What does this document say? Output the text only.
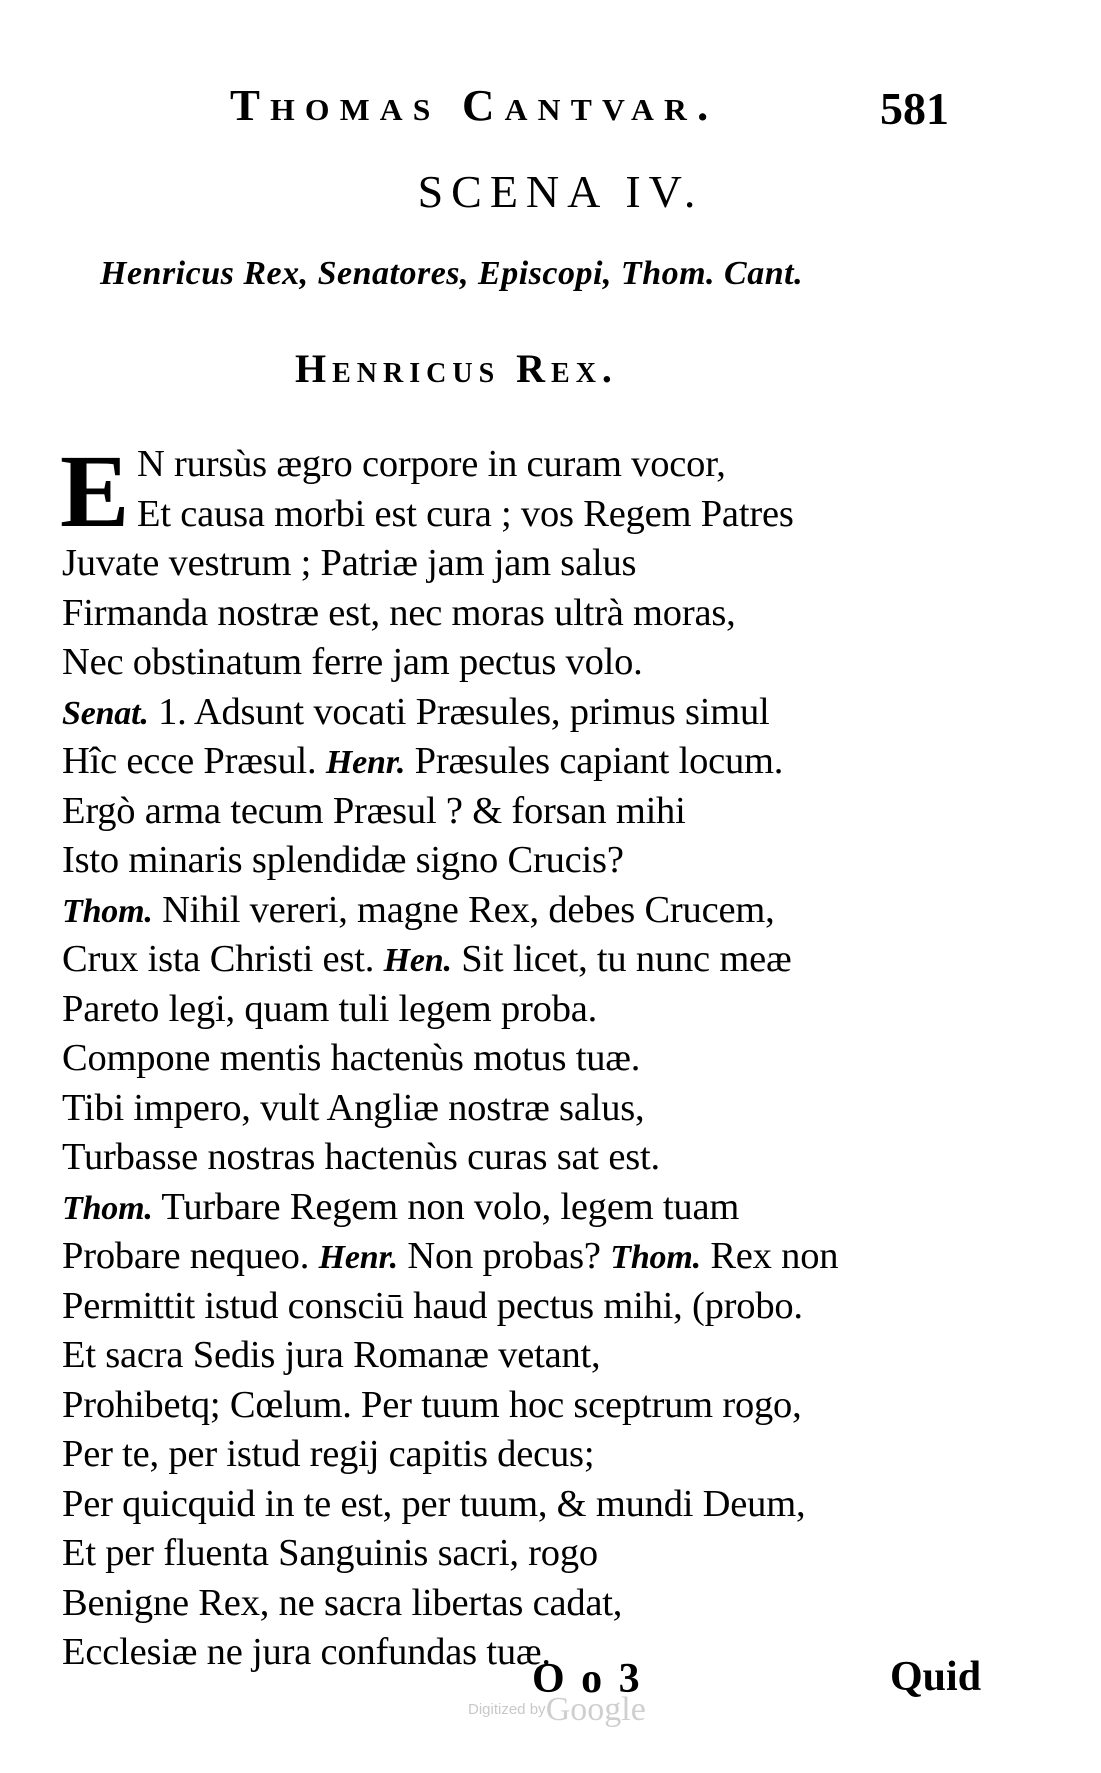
Thomas Cantvar.	581
SCENA IV.
Henricus Rex, Senatores, Episcopi, Thom. Cant.
Henricus Rex.
E N rursùs ægro corpore in curam vocor,
Et causa morbi est cura ; vos Regem Patres
Juvate vestrum ; Patriæ jam jam salus
Firmanda nostræ est, nec moras ultrà moras,
Nec obstinatum ferre jam pectus volo.
Senat. 1. Adsunt vocati Præsules, primus simul
Hîc ecce Præsul. Henr. Præsules capiant locum.
Ergò arma tecum Præsul ? & forsan mihi
Isto minaris splendidæ signo Crucis?
Thom. Nihil vereri, magne Rex, debes Crucem,
Crux ista Christi est. Hen. Sit licet, tu nunc meæ
Pareto legi, quam tuli legem proba.
Compone mentis hactenùs motus tuæ.
Tibi impero, vult Angliæ nostræ salus,
Turbasse nostras hactenùs curas sat est.
Thom. Turbare Regem non volo, legem tuam
Probare nequeo. Henr. Non probas? Thom. Rex non
Permittit istud consciū haud pectus mihi, (probo.
Et sacra Sedis jura Romanæ vetant,
Prohibetq; Cœlum. Per tuum hoc sceptrum rogo,
Per te, per istud regij capitis decus;
Per quicquid in te est, per tuum, & mundi Deum,
Et per fluenta Sanguinis sacri, rogo
Benigne Rex, ne sacra libertas cadat,
Ecclesiæ ne jura confundas tuæ.
O o 3	Quid
Digitized by Google
